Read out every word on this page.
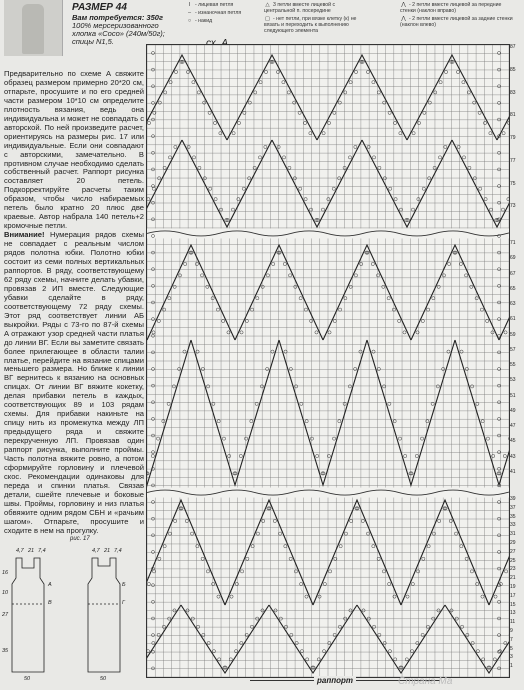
РАЗМЕР 44
Вам потребуется: 350г
100% мерсеризованного
хлопка «Coco» (240м/50г);
спицы N1,5.
I - лицевая петля
– - изнаночная петля
○ - накид
△ 3 петли вместе лицевой с центральной п. посередине
▢ - нет петли, при вязке клетку (к) не вязать и переходить к выполнению следующего элемента
⋀ - 2 петли вместе лицевой за передние стенки (наклон вправо)
⋀ - 2 петли вместе лицевой за задние стенки (наклон влево)

Предварительно по схеме A свяжите образец размером примерно 20*20 см, отпарьте, просушите и по его средней части размером 10*10 см определите плотность вязания, ведь она индивидуальна и может не совпадать с авторской. По ней произведите расчет, ориентируясь на размеры рис. 17 или индивидуальные. Если они совпадают с авторскими, замечательно. В противном случае необходимо сделать собственный расчет. Раппорт рисунка составляет 20 петель. Подкорректируйте расчеты таким образом, чтобы число набираемых петель было кратно 20 плюс две краевые. Автор набрала 140 петель+2 кромочные петли.

Внимание! Нумерация рядов схемы не совпадает с реальным числом рядов полотна юбки. Полотно юбки состоит из семи полных вертикальных раппортов. В ряду, соответствующему 62 ряду схемы, начните делать убавки, провязав 2 ИП вместе. Следующие убавки сделайте в ряду, соответствующему 72 ряду схемы. Этот ряд соответствует линии АБ выкройки. Ряды с 73-го по 87-й схемы A отражают узор средней части платья до линии ВГ. Если вы заметите связать более прилегающее в области талии платье, перейдите на вязание спицами меньшего размера. Но ближе к линии ВГ вернитесь к вязанию на основных спицах. От линии ВГ вяжите кокетку, делая прибавки петель в каждых, соответствующих 89 и 103 рядам схемы. Для прибавки накиньте на спицу нить из промежутка между ЛП предыдущего ряда и свяжите перекрученную ЛП. Провязав один раппорт рисунка, выполните проймы. Часть полотна вяжите ровно, а потом сформируйте горловину и плечевой скос. Рекомендации одинаковы для переда и спинки платья. Связав детали, сшейте плечевые и боковые швы. Проймы, горловину и низ платья обвяжите одним рядом СБН и «рачьим шагом». Отпарьте, просушите и сходите в нем на прогулку.

87
85
83
81
79
77
75
73
71
69
67
65
63
61
59
57
55
53
51
49
47
45
43
41
39
37
35
33
31
29
27
25
23
21
19
17
15
13
11
9
7
5
3
1
раппорт
рис. 17
4,7 21 7,4	4,7 21 7,4
16
10
27
35
50	50
A	Б
В	Г
Страна Ма
